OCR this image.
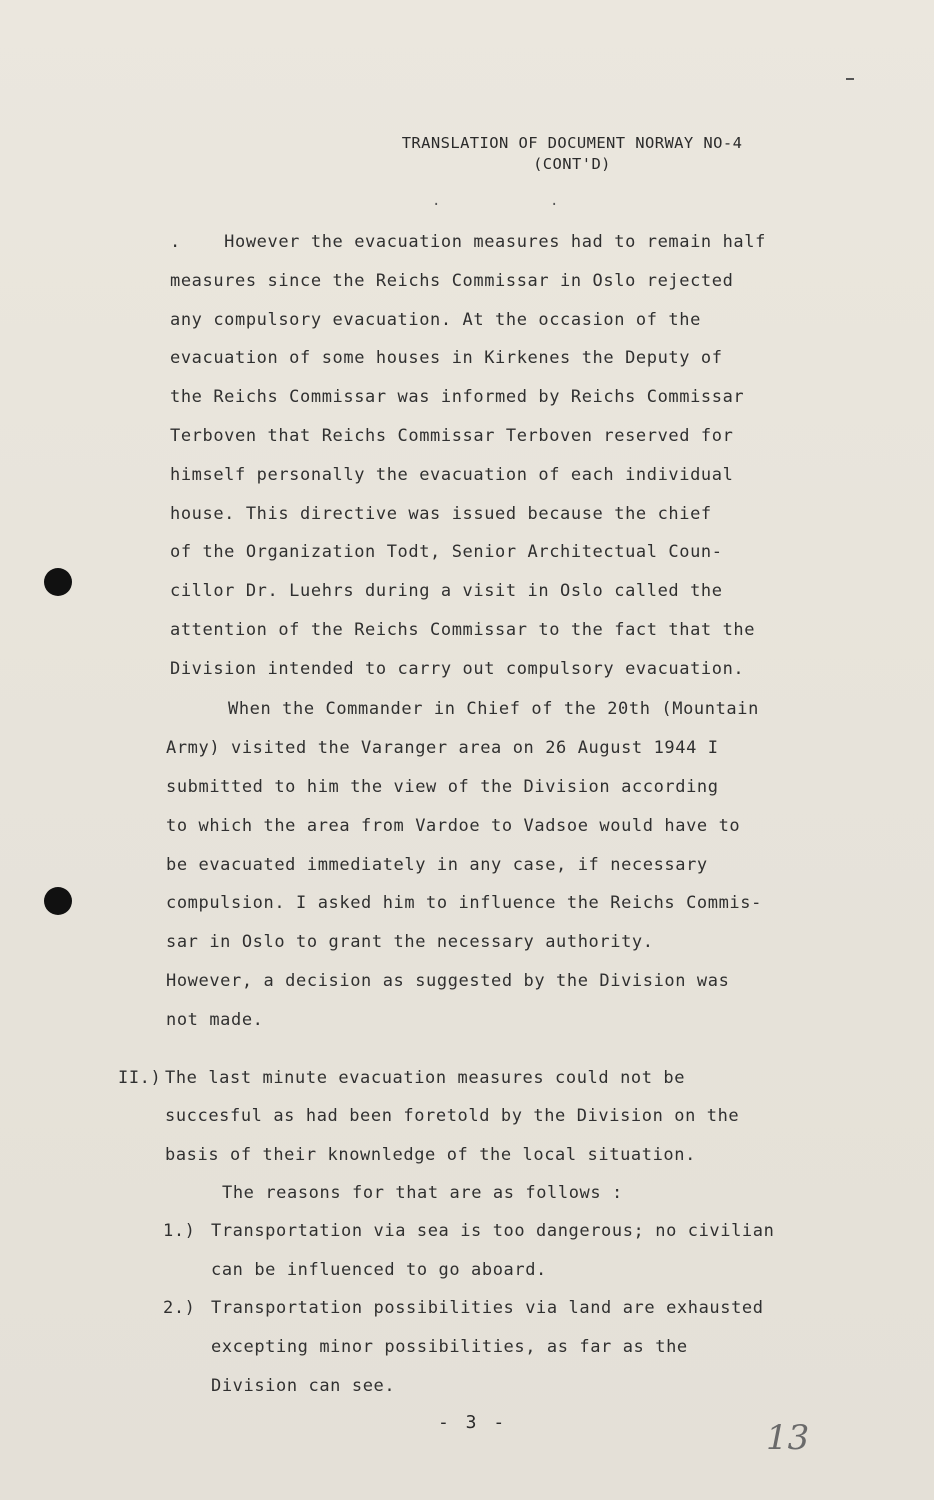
TRANSLATION OF DOCUMENT NORWAY NO-4
(CONT'D)
.             .
.    However the evacuation measures had to remain half
measures since the Reichs Commissar in Oslo rejected
any compulsory evacuation. At the occasion of the
evacuation of some houses in Kirkenes the Deputy of
the Reichs Commissar was informed by Reichs Commissar
Terboven that Reichs Commissar Terboven reserved for
himself personally the evacuation of each individual
house. This directive was issued because the chief
of the Organization Todt, Senior Architectual Coun-
cillor Dr. Luehrs during a visit in Oslo called the
attention of the Reichs Commissar to the fact that the
Division intended to carry out compulsory evacuation.
When the Commander in Chief of the 20th (Mountain
Army) visited the Varanger area on 26 August 1944 I
submitted to him the view of the Division according
to which the area from Vardoe to Vadsoe would have to
be evacuated immediately in any case, if necessary
compulsion. I asked him to influence the Reichs Commis-
sar in Oslo to grant the necessary authority.
However, a decision as suggested by the Division was
not made.
II.) The last minute evacuation measures could not be
succesful as had been foretold by the Division on the
basis of their knownledge of the local situation.
The reasons for that are as follows :
1.) Transportation via sea is too dangerous; no civilian
can be influenced to go aboard.
2.) Transportation possibilities via land are exhausted
excepting minor possibilities, as far as the
Division can see.
- 3 -	13
